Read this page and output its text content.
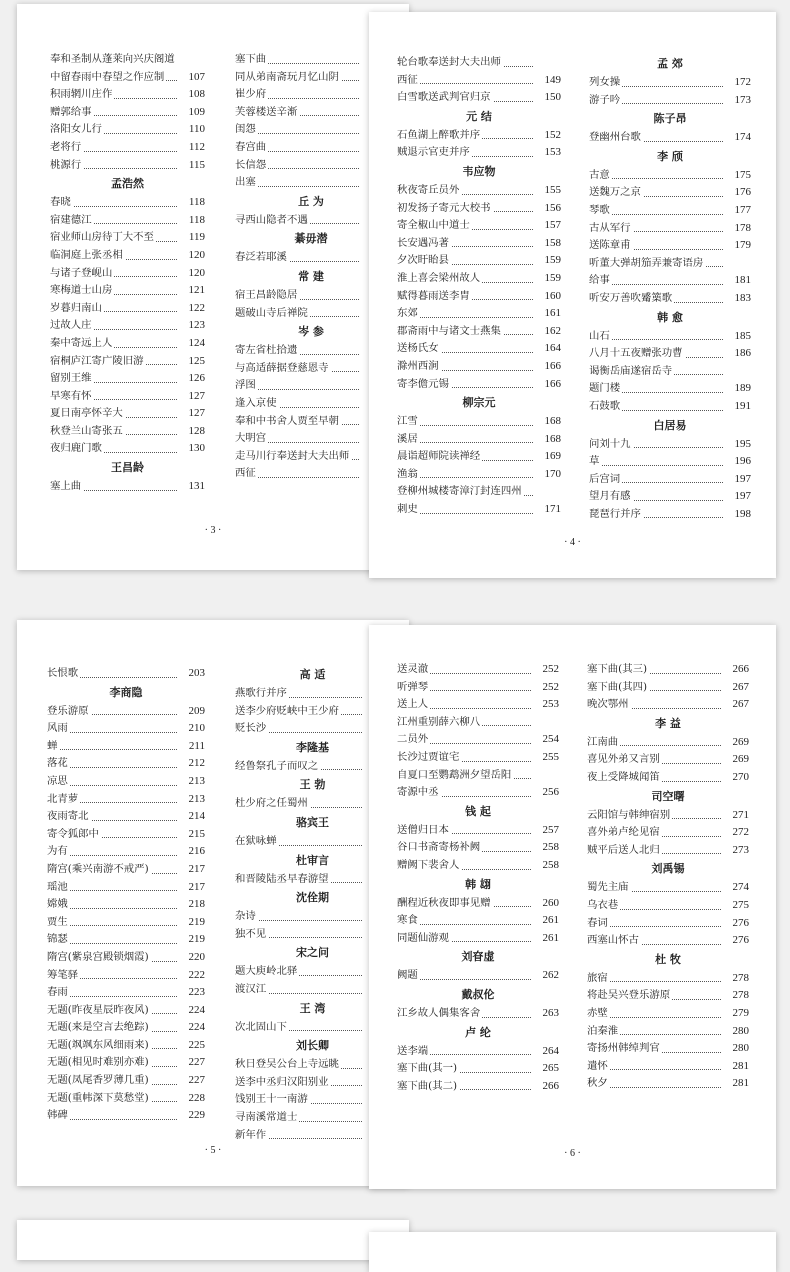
奉和圣制从蓬莱向兴庆阁道
中留春雨中春望之作应制	107
积雨辋川庄作	108
赠郭给事	109
洛阳女儿行	110
老将行	112
桃源行	115
孟浩然
春晓	118
宿建德江	118
宿业师山房待丁大不至	119
临洞庭上张丞相	120
与诸子登岘山	120
寒梅道士山房	121
岁暮归南山	122
过故人庄	123
秦中寄远上人	124
宿桐庐江寄广陵旧游	125
留别王维	126
早寒有怀	127
夏日南亭怀辛大	127
秋登兰山寄张五	128
夜归鹿门歌	130
王昌龄
塞上曲	131
塞下曲
同从弟南斋玩月忆山阴
崔少府
芙蓉楼送辛渐
闺怨
春宫曲
长信怨
出塞
丘 为
寻西山隐者不遇
綦毋潜
春泛若耶溪
常 建
宿王昌龄隐居
题破山寺后禅院
岑 参
寄左省杜拾遗
与高适薛据登慈恩寺
浮图
逢入京使
奉和中书舍人贾至早朝
大明宫
走马川行奉送封大夫出师
西征
· 3 ·
轮台歌奉送封大夫出师
西征	149
白雪歌送武判官归京	150
元 结
石鱼湖上醉歌并序	152
贼退示官吏并序	153
韦应物
秋夜寄丘员外	155
初发扬子寄元大校书	156
寄全椒山中道士	157
长安遇冯著	158
夕次盱眙县	159
淮上喜会梁州故人	159
赋得暮雨送李胄	160
东郊	161
郡斋雨中与诸文士燕集	162
送杨氏女	164
滁州西涧	166
寄李儋元锡	166
柳宗元
江雪	168
溪居	168
晨诣超师院读禅经	169
渔翁	170
登柳州城楼寄漳汀封连四州
刺史	171
孟 郊
列女操	172
游子吟	173
陈子昂
登幽州台歌	174
李 颀
古意	175
送魏万之京	176
琴歌	177
古从军行	178
送陈章甫	179
听董大弹胡笳弄兼寄语房
给事	181
听安万善吹觱篥歌	183
韩 愈
山石	185
八月十五夜赠张功曹	186
谒衡岳庙遂宿岳寺
题门楼	189
石鼓歌	191
白居易
问刘十九	195
草	196
后宫词	197
望月有感	197
琵琶行并序	198
· 4 ·
长恨歌	203
李商隐
登乐游原	209
风雨	210
蝉	211
落花	212
凉思	213
北青萝	213
夜雨寄北	214
寄令狐郎中	215
为有	216
隋宫(乘兴南游不戒严)	217
瑶池	217
嫦娥	218
贾生	219
锦瑟	219
隋宫(紫泉宫殿锁烟霞)	220
筹笔驿	222
春雨	223
无题(昨夜星辰昨夜风)	224
无题(来是空言去绝踪)	224
无题(飒飒东风细雨来)	225
无题(相见时难别亦难)	227
无题(凤尾香罗薄几重)	227
无题(重帏深下莫愁堂)	228
韩碑	229
高 适
燕歌行并序
送李少府贬峡中王少府
贬长沙
李隆基
经鲁祭孔子而叹之
王 勃
杜少府之任蜀州
骆宾王
在狱咏蝉
杜审言
和晋陵陆丞早春游望
沈佺期
杂诗
独不见
宋之问
题大庾岭北驿
渡汉江
王 湾
次北固山下
刘长卿
秋日登吴公台上寺远眺
送李中丞归汉阳别业
饯别王十一南游
寻南溪常道士
新年作
· 5 ·
送灵澈	252
听弹琴	252
送上人	253
江州重别薛六柳八
二员外	254
长沙过贾谊宅	255
自夏口至鹦鹉洲夕望岳阳
寄源中丞	256
钱 起
送僧归日本	257
谷口书斋寄杨补阙	258
赠阙下裴舍人	258
韩 翃
酬程近秋夜即事见赠	260
寒食	261
同题仙游观	261
刘眘虚
阙题	262
戴叔伦
江乡故人偶集客舍	263
卢 纶
送李端	264
塞下曲(其一)	265
塞下曲(其二)	266
塞下曲(其三)	266
塞下曲(其四)	267
晚次鄂州	267
李 益
江南曲	269
喜见外弟又言别	269
夜上受降城闻笛	270
司空曙
云阳馆与韩绅宿别	271
喜外弟卢纶见宿	272
贼平后送人北归	273
刘禹锡
蜀先主庙	274
乌衣巷	275
春词	276
西塞山怀古	276
杜 牧
旅宿	278
将赴吴兴登乐游原	278
赤壁	279
泊秦淮	280
寄扬州韩绰判官	280
遣怀	281
秋夕	281
· 6 ·
